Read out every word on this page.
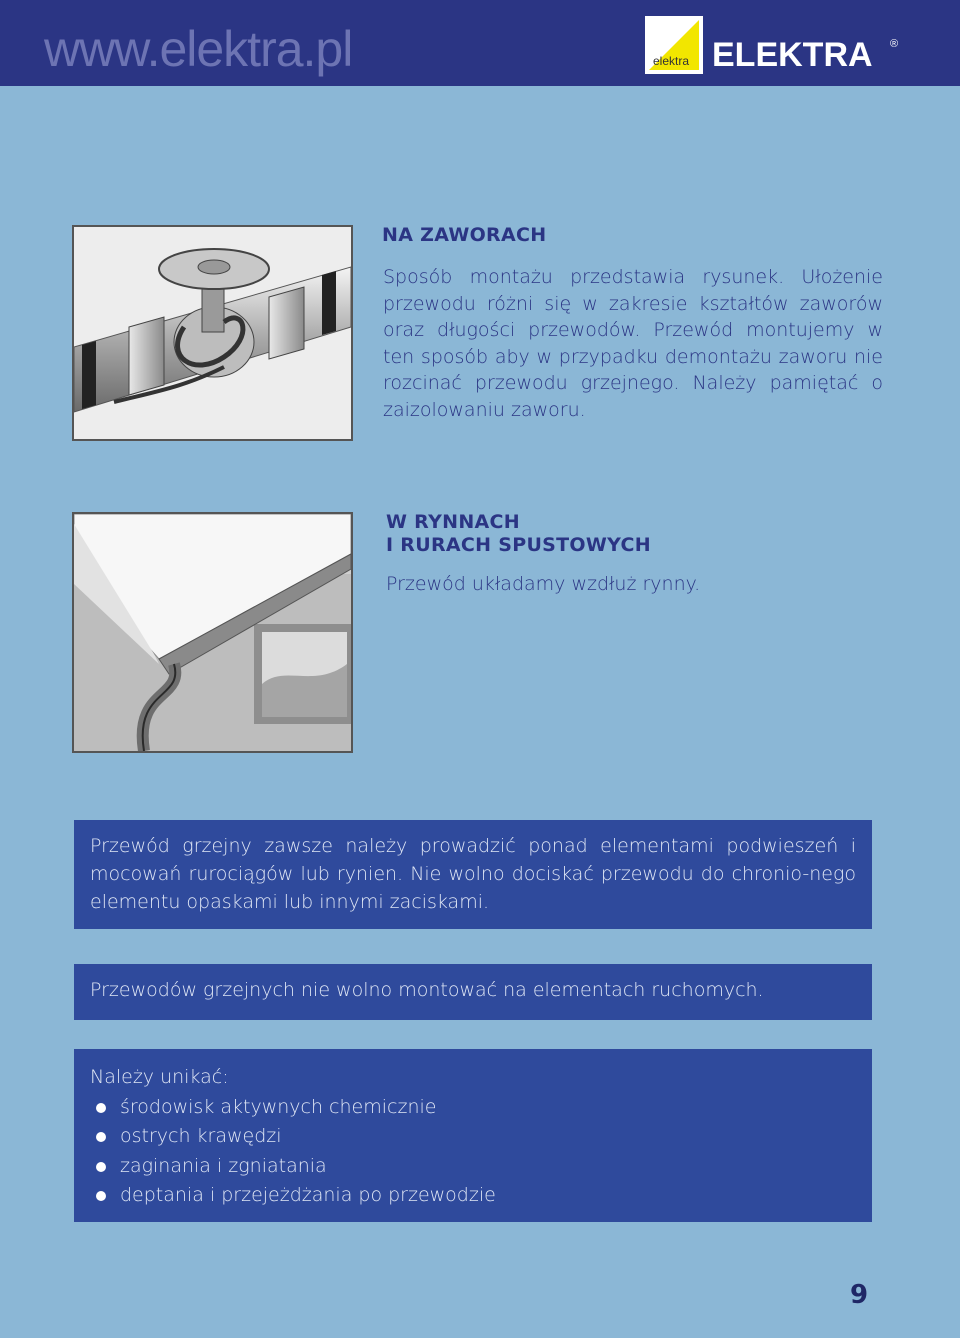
www.elektra.pl	elektra ELEKTRA ®
NA ZAWORACH
Sposób montażu przedstawia rysunek. Ułożenie przewodu różni się w zakresie kształtów zaworów oraz długości przewodów. Przewód montujemy w ten sposób aby w przypadku demontażu zaworu nie rozcinać przewodu grzejnego. Należy pamiętać o zaizolowaniu zaworu.
W RYNNACH
I RURACH SPUSTOWYCH
Przewód układamy wzdłuż rynny.

Przewód grzejny zawsze należy prowadzić ponad elementami podwieszeń i mocowań rurociągów lub rynien. Nie wolno dociskać przewodu do chronio-nego elementu opaskami lub innymi zaciskami.

Przewodów grzejnych nie wolno montować na elementach ruchomych.

Należy unikać:

środowisk aktywnych chemicznie
ostrych krawędzi
zaginania i zgniatania
deptania i przejeżdżania po przewodzie
9
